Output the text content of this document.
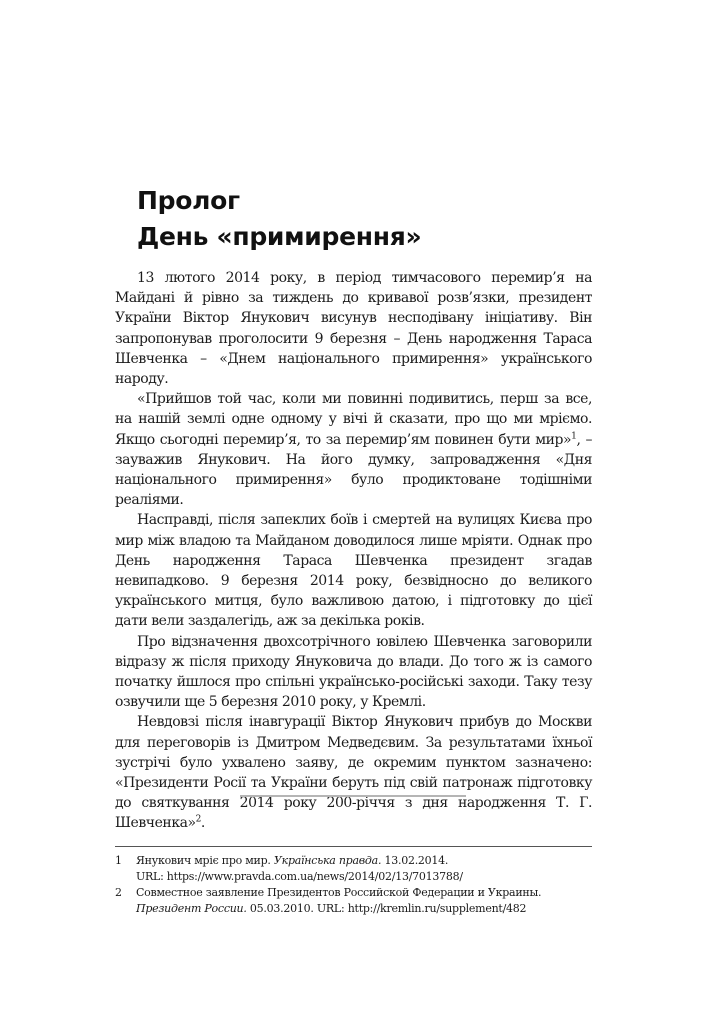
Пролог
День «примирення»

13 лютого 2014 року, в період тимчасового перемир’я на Майдані й рівно за тиждень до кривавої розв’язки, президент України Віктор Янукович висунув несподівану ініціативу. Він запропонував проголосити 9 березня – День народження Тараса Шевченка – «Днем національного примирення» українського народу.

«Прийшов той час, коли ми повинні подивитись, перш за все, на нашій землі одне одному у вічі й сказати, про що ми мріємо. Якщо сьогодні перемир’я, то за перемир’ям повинен бути мир»$^1$, – зауважив Янукович. На його думку, запровадження «Дня національного примирення» було продиктоване тодішніми реаліями.

Насправді, після запеклих боїв і смертей на вулицях Києва про мир між владою та Майданом доводилося лише мріяти. Однак про День народження Тараса Шевченка президент згадав невипадково. 9 березня 2014 року, безвідносно до великого українського митця, було важливою датою, і підготовку до цієї дати вели заздалегідь, аж за декілька років.

Про відзначення двохсотрічного ювілею Шевченка заговорили відразу ж після приходу Януковича до влади. До того ж із самого початку йшлося про спільні українсько-російські заходи. Таку тезу озвучили ще 5 березня 2010 року, у Кремлі.

Невдовзі після інавгурації Віктор Янукович прибув до Москви для переговорів із Дмитром Медведєвим. За результатами їхньої зустрічі було ухвалено заяву, де окремим пунктом зазначено: «Президенти Росії та України беруть під свій патронаж підготовку до святкування 2014 року 200-річчя з дня народження Т. Г. Шевченка»$^2$.

1	Янукович мріє про мир. Українська правда. 13.02.2014.
URL: https://www.pravda.com.ua/news/2014/02/13/7013788/
2	Совместное заявление Президентов Российской Федерации и Украины.
Президент России. 05.03.2010. URL: http://kremlin.ru/supplement/482
